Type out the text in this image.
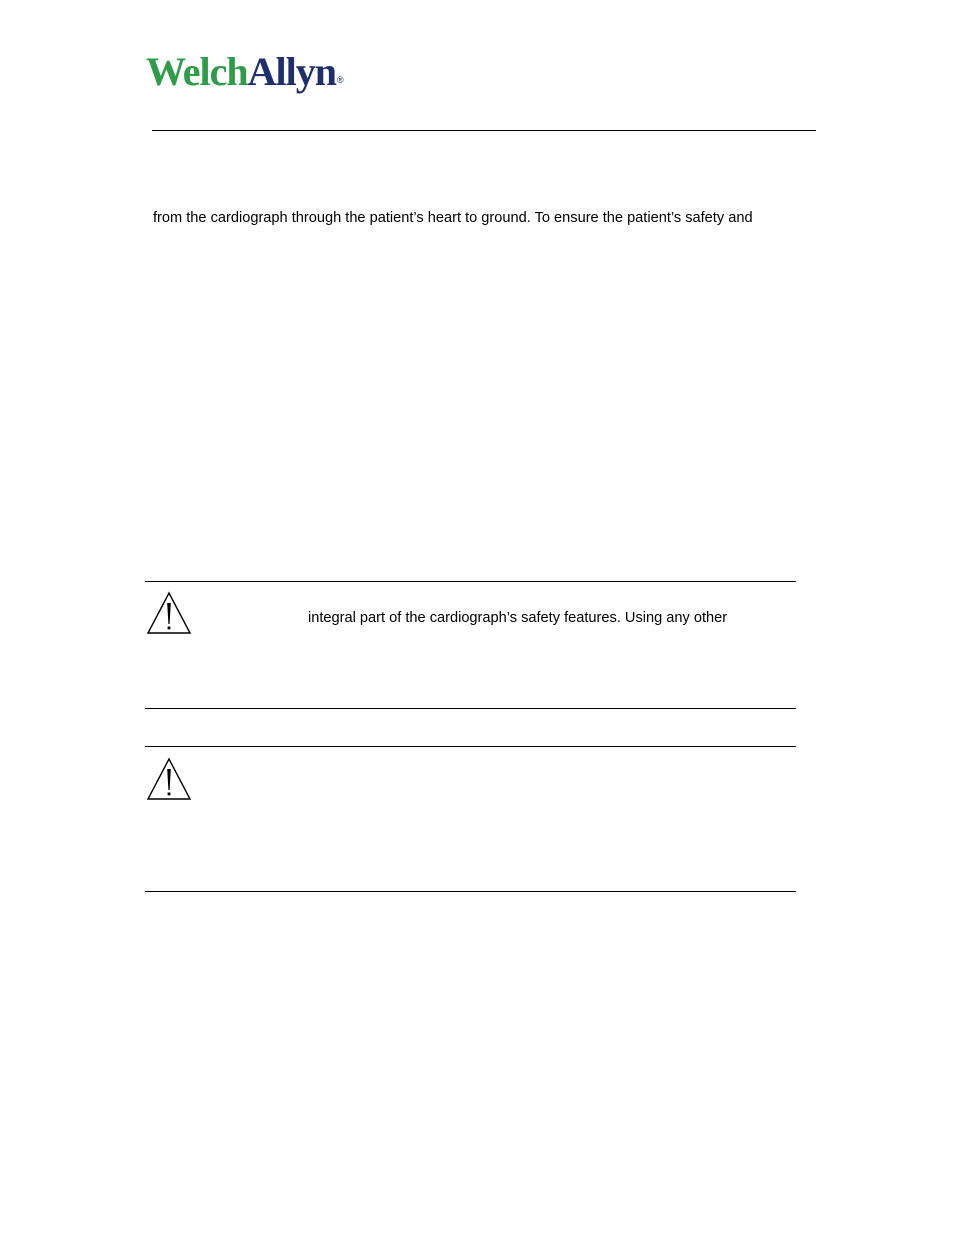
WelchAllyn®
from the cardiograph through the patient’s heart to ground. To ensure the patient’s safety and
integral part of the cardiograph’s safety features. Using any other
